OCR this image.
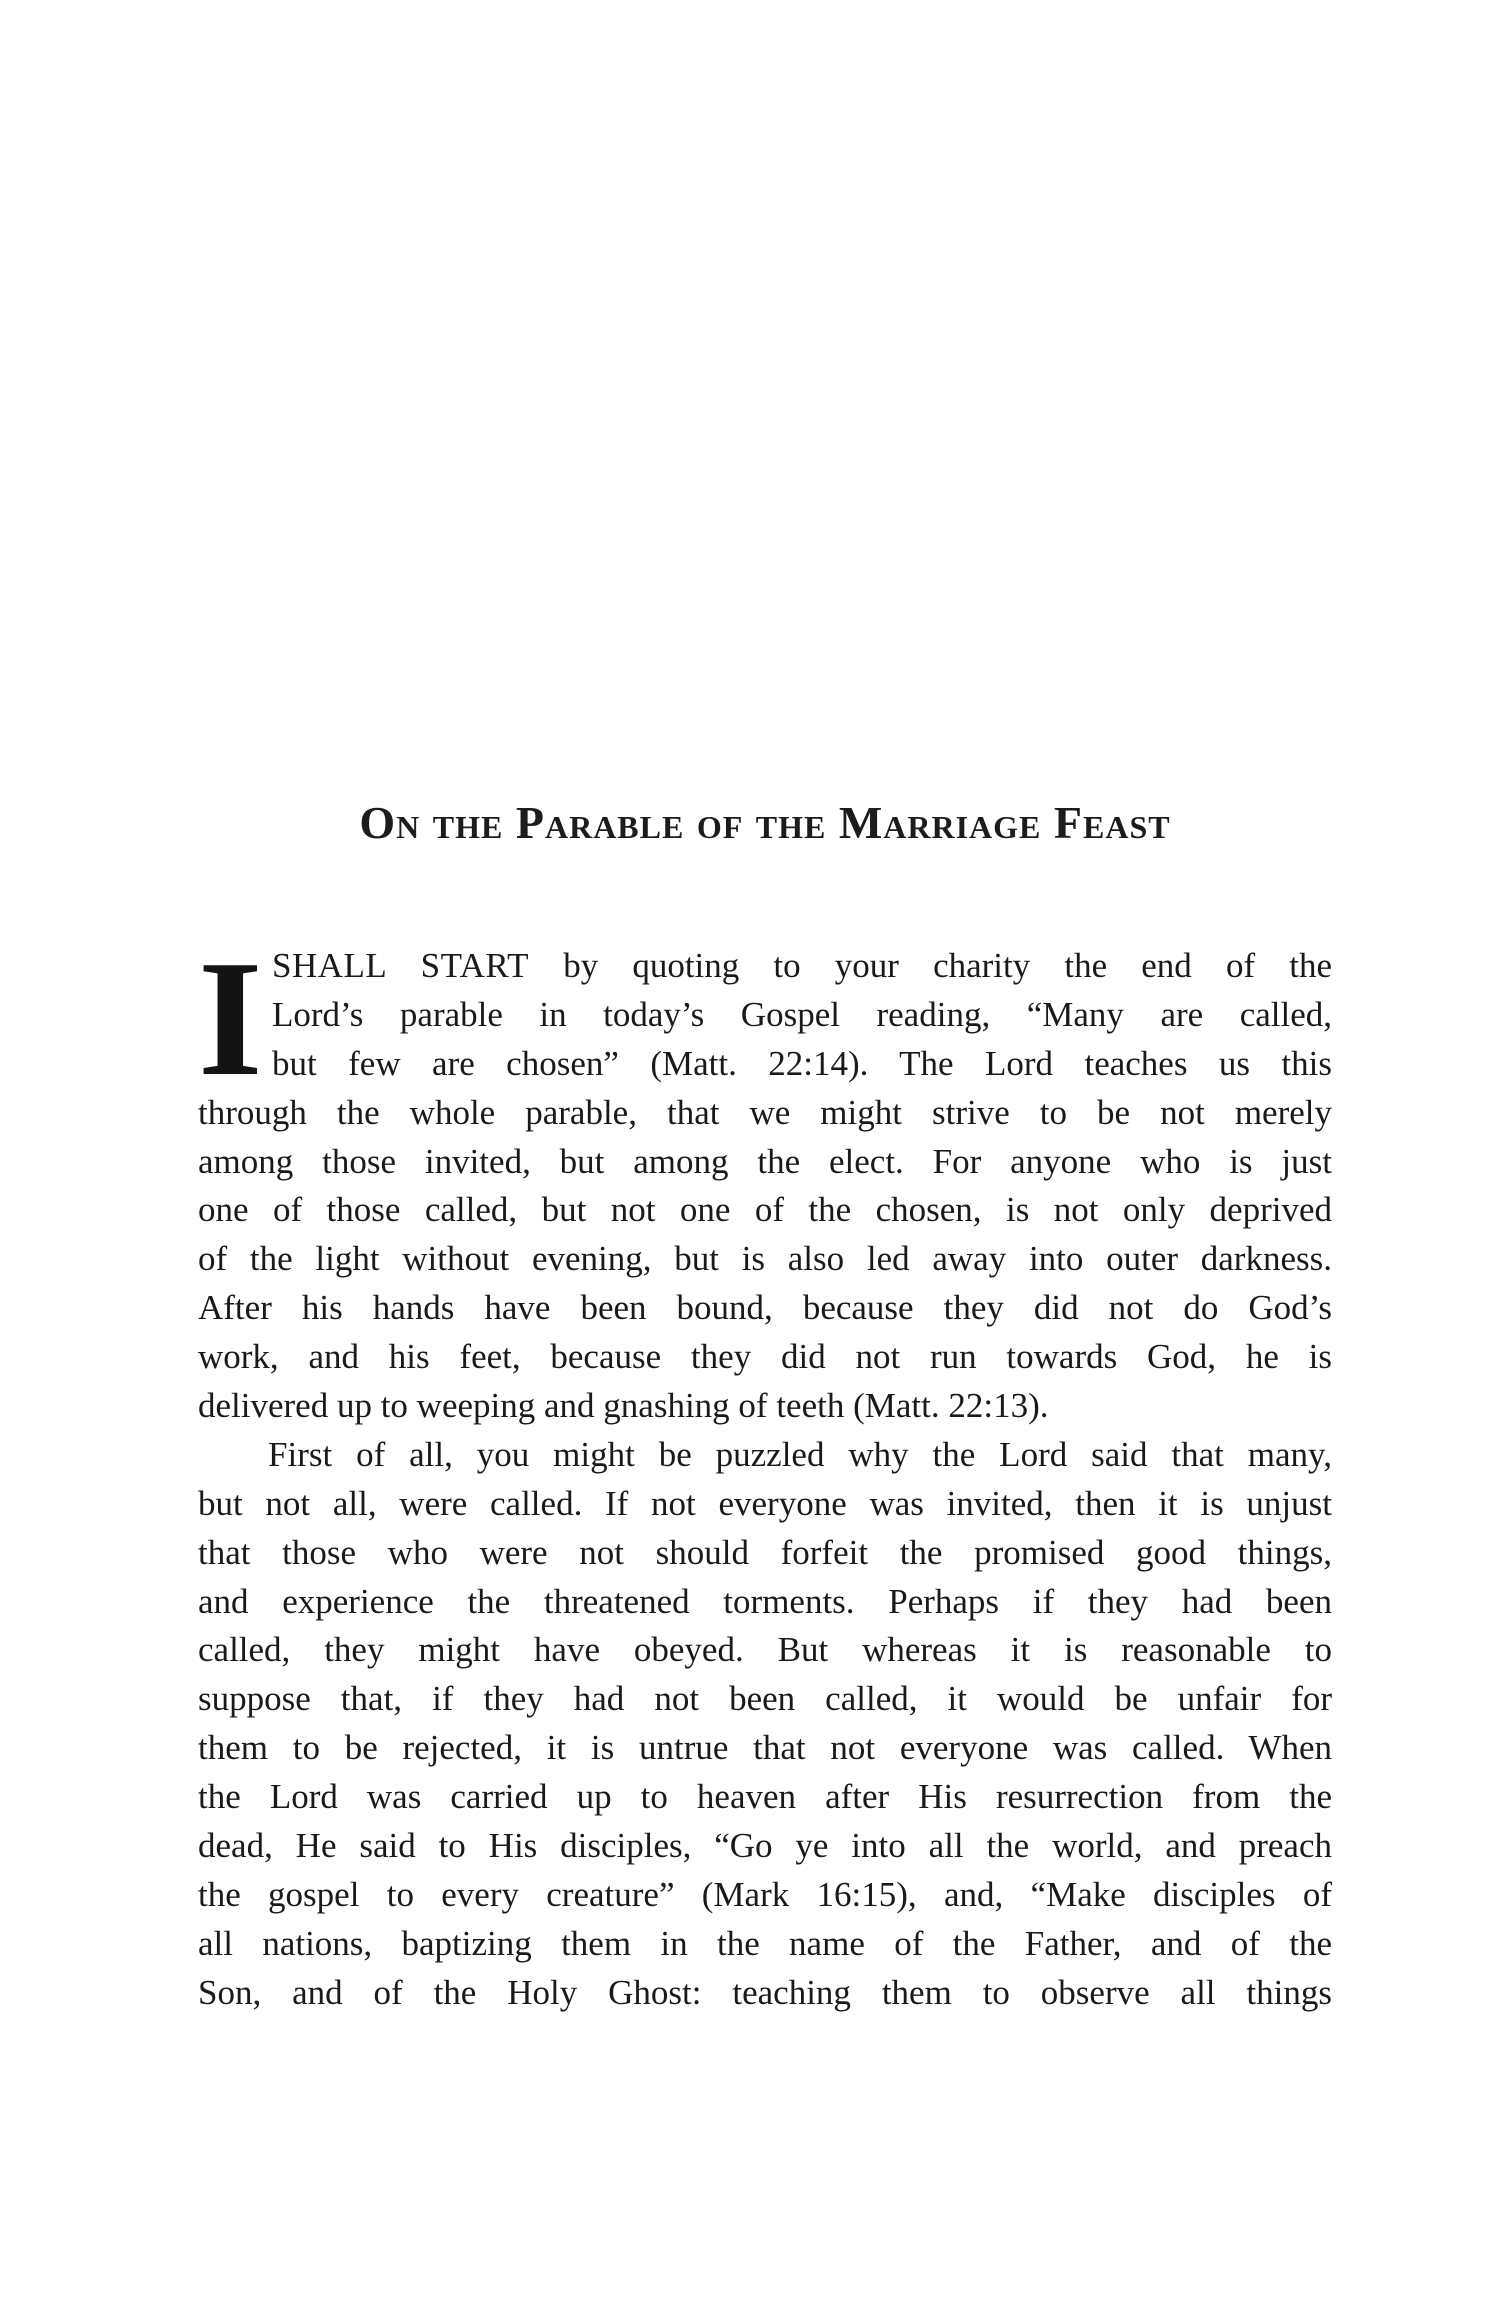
On the Parable of the Marriage Feast
I SHALL START by quoting to your charity the end of the
Lord’s parable in today’s Gospel reading, “Many are called,
but few are chosen” (Matt. 22:14). The Lord teaches us this
through the whole parable, that we might strive to be not merely
among those invited, but among the elect. For anyone who is just
one of those called, but not one of the chosen, is not only deprived
of the light without evening, but is also led away into outer darkness.
After his hands have been bound, because they did not do God’s
work, and his feet, because they did not run towards God, he is
delivered up to weeping and gnashing of teeth (Matt. 22:13).
First of all, you might be puzzled why the Lord said that many,
but not all, were called. If not everyone was invited, then it is unjust
that those who were not should forfeit the promised good things,
and experience the threatened torments. Perhaps if they had been
called, they might have obeyed. But whereas it is reasonable to
suppose that, if they had not been called, it would be unfair for
them to be rejected, it is untrue that not everyone was called. When
the Lord was carried up to heaven after His resurrection from the
dead, He said to His disciples, “Go ye into all the world, and preach
the gospel to every creature” (Mark 16:15), and, “Make disciples of
all nations, baptizing them in the name of the Father, and of the
Son, and of the Holy Ghost: teaching them to observe all things
